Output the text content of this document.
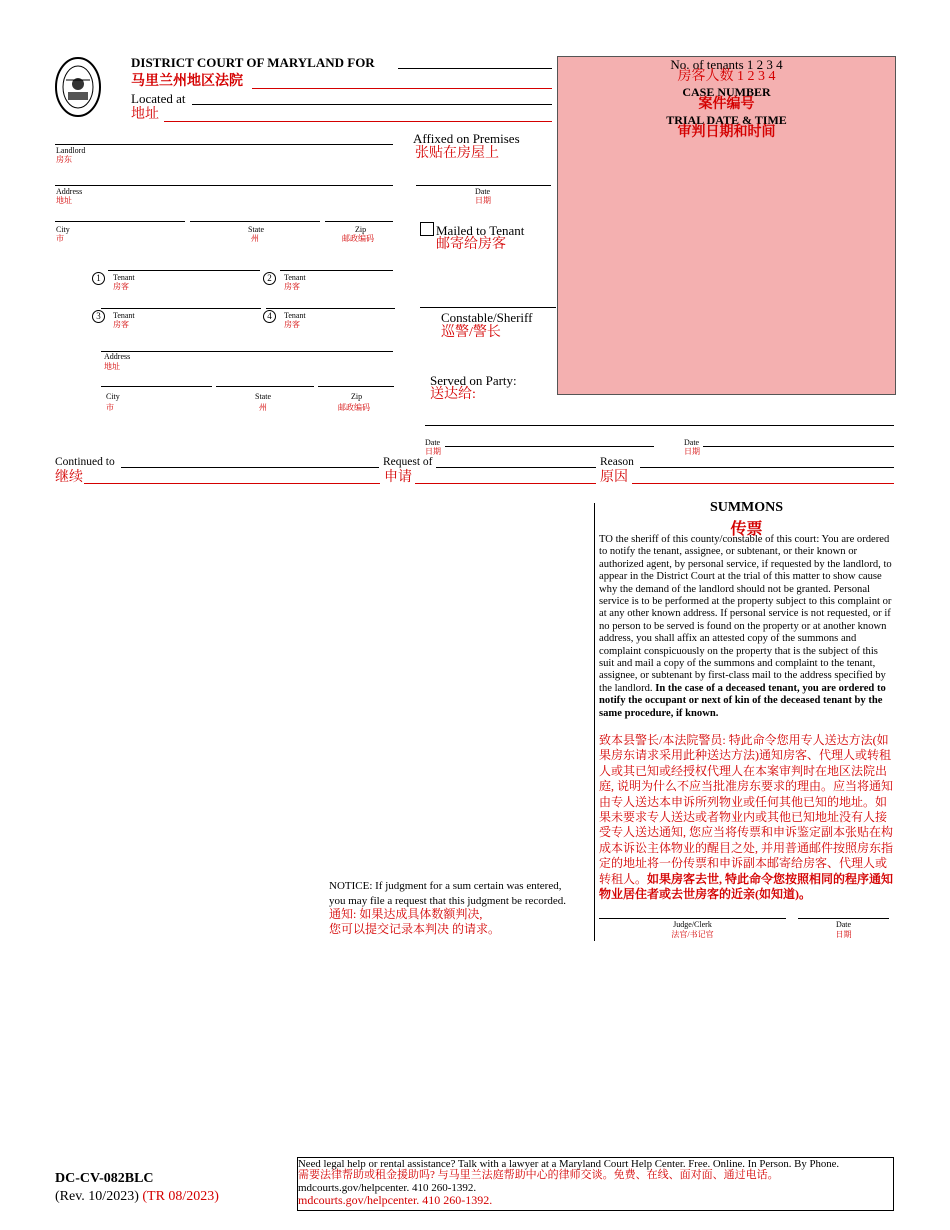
DISTRICT COURT OF MARYLAND FOR
马里兰州地区法院
Located at
地址
No. of tenants 1 2 3 4
房客人数 1 2 3 4
CASE NUMBER
案件编号
TRIAL DATE & TIME
审判日期和时间
Landlord
房东
Address
地址
City
市
State
州
Zip
邮政编码
1	Tenant
房客
2	Tenant
房客
3	Tenant
房客
4	Tenant
房客
Address
地址
City
市
State
州
Zip
邮政编码
Affixed on Premises
张贴在房屋上
Date
日期
Mailed to Tenant
邮寄给房客
Constable/Sheriff
巡警/警长
Served on Party:
送达给:
Date
日期
Date
日期
Continued to
继续
Request of
申请
Reason
原因
SUMMONS
传票
TO the sheriff of this county/constable of this court: You are ordered to notify the tenant, assignee, or subtenant, or their known or authorized agent, by personal service, if requested by the landlord, to appear in the District Court at the trial of this matter to show cause why the demand of the landlord should not be granted. Personal service is to be performed at the property subject to this complaint or at any other known address. If personal service is not requested, or if no person to be served is found on the property or at another known address, you shall affix an attested copy of the summons and complaint conspicuously on the property that is the subject of this suit and mail a copy of the summons and complaint to the tenant, assignee, or subtenant by first-class mail to the address specified by the landlord. In the case of a deceased tenant, you are ordered to notify the occupant or next of kin of the deceased tenant by the same procedure, if known.
致本县警长/本法院警员: 特此命令您用专人送达方法(如果房东请求采用此种送达方法)通知房客、代理人或转租人或其已知或经授权代理人在本案审判时在地区法院出庭, 说明为什么不应当批准房东要求的理由。应当将通知由专人送达本申诉所列物业或任何其他已知的地址。如果未要求专人送达或者物业内或其他已知地址没有人接受专人送达通知, 您应当将传票和申诉鉴定副本张贴在构成本诉讼主体物业的醒目之处, 并用普通邮件按照房东指定的地址将一份传票和申诉副本邮寄给房客、代理人或转租人。如果房客去世, 特此命令您按照相同的程序通知物业居住者或去世房客的近亲(如知道)。
Judge/Clerk
法官/书记官
Date
日期
NOTICE: If judgment for a sum certain was entered,
you may file a request that this judgment be recorded.
通知: 如果达成具体数额判决,
您可以提交记录本判决 的请求。
DC-CV-082BLC
(Rev. 10/2023) (TR 08/2023)
Need legal help or rental assistance? Talk with a lawyer at a Maryland Court Help Center. Free. Online. In Person. By Phone.
需要法律帮助或租金援助吗? 与马里兰法庭帮助中心的律师交谈。免费、在线、面对面、通过电话。
mdcourts.gov/helpcenter. 410 260-1392.
mdcourts.gov/helpcenter. 410 260-1392.
